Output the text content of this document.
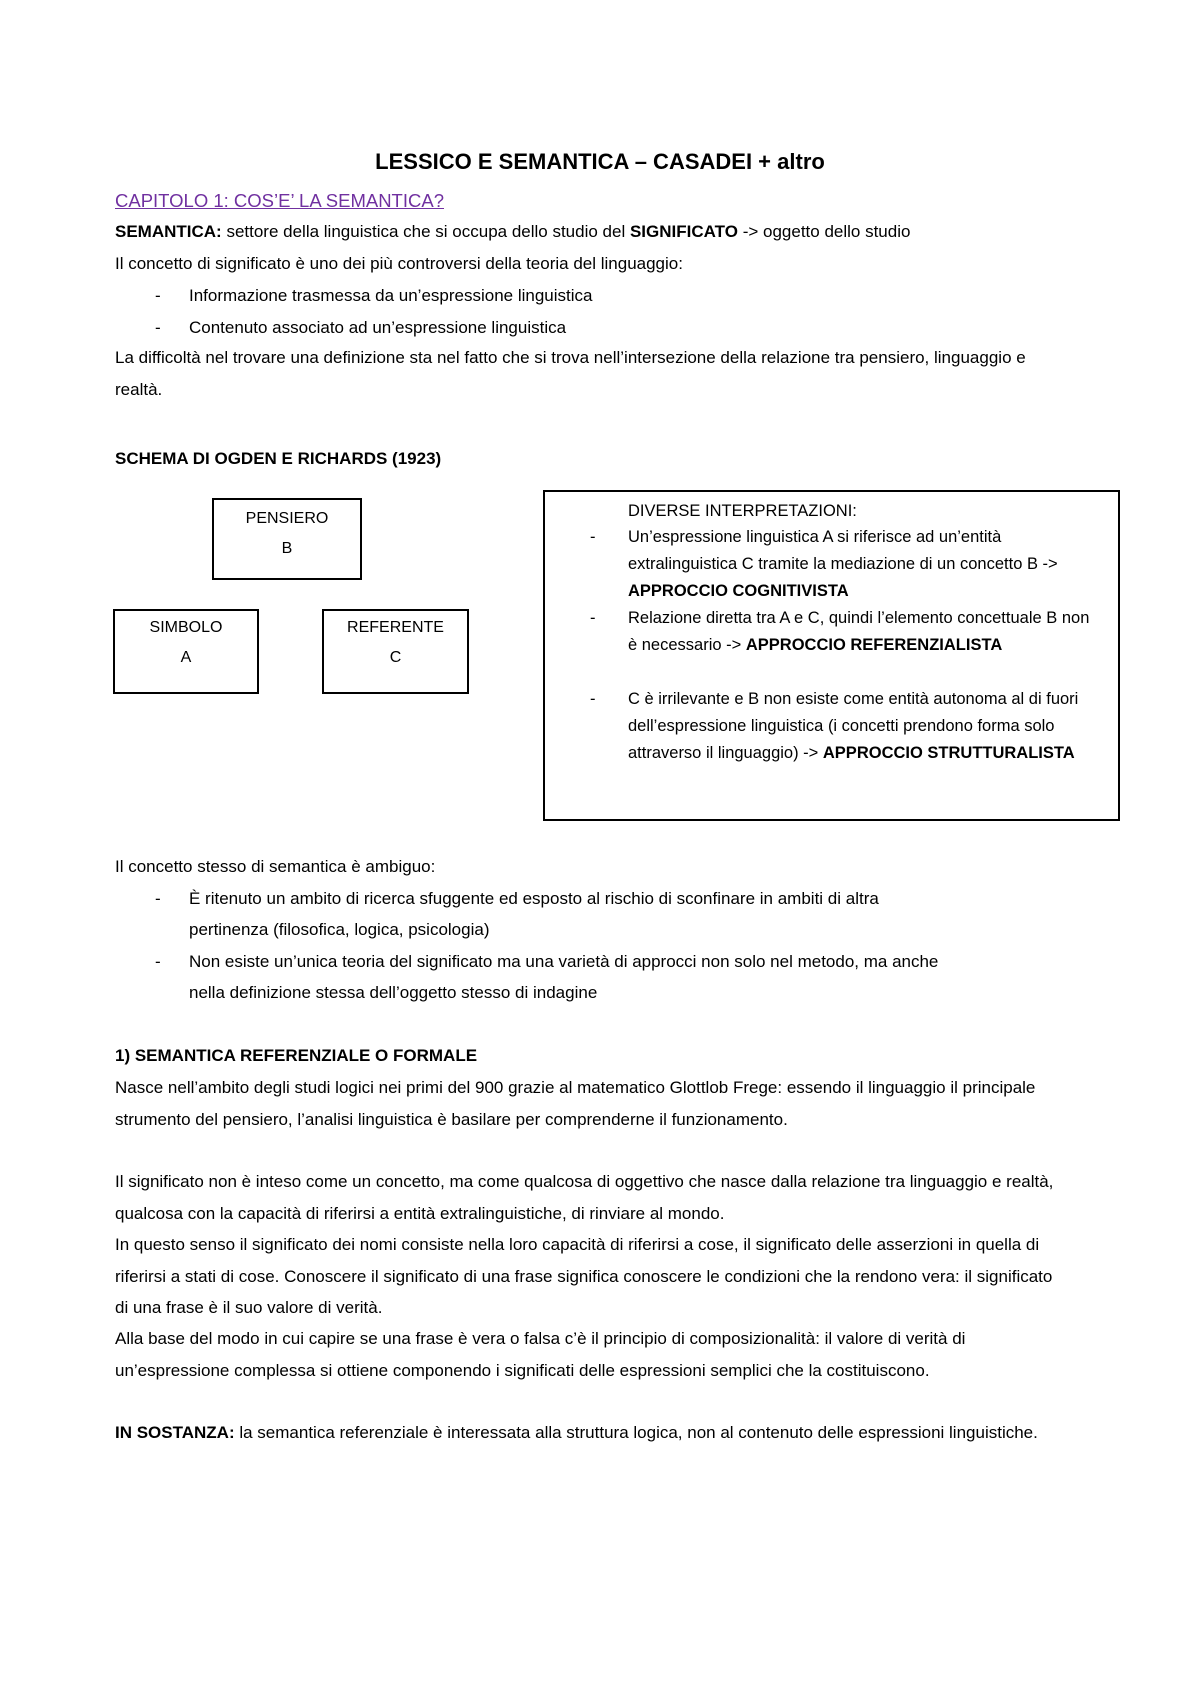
LESSICO E SEMANTICA – CASADEI + altro
CAPITOLO 1: COS’E’ LA SEMANTICA?
SEMANTICA: settore della linguistica che si occupa dello studio del SIGNIFICATO -> oggetto dello studio
Il concetto di significato è uno dei più controversi della teoria del linguaggio:
- Informazione trasmessa da un’espressione linguistica
- Contenuto associato ad un’espressione linguistica
La difficoltà nel trovare una definizione sta nel fatto che si trova nell’intersezione della relazione tra pensiero, linguaggio e realtà.
SCHEMA DI OGDEN E RICHARDS (1923)
PENSIERO
B
SIMBOLO
A
REFERENTE
C
DIVERSE INTERPRETAZIONI:
- Un’espressione linguistica A si riferisce ad un’entità extralinguistica C tramite la mediazione di un concetto B -> APPROCCIO COGNITIVISTA
- Relazione diretta tra A e C, quindi l’elemento concettuale B non è necessario -> APPROCCIO REFERENZIALISTA
- C è irrilevante e B non esiste come entità autonoma al di fuori dell’espressione linguistica (i concetti prendono forma solo attraverso il linguaggio) -> APPROCCIO STRUTTURALISTA
Il concetto stesso di semantica è ambiguo:
- È ritenuto un ambito di ricerca sfuggente ed esposto al rischio di sconfinare in ambiti di altra
pertinenza (filosofica, logica, psicologia)
- Non esiste un’unica teoria del significato ma una varietà di approcci non solo nel metodo, ma anche
nella definizione stessa dell’oggetto stesso di indagine
1) SEMANTICA REFERENZIALE O FORMALE
Nasce nell’ambito degli studi logici nei primi del 900 grazie al matematico Glottlob Frege: essendo il linguaggio il principale strumento del pensiero, l’analisi linguistica è basilare per comprenderne il funzionamento.
Il significato non è inteso come un concetto, ma come qualcosa di oggettivo che nasce dalla relazione tra linguaggio e realtà, qualcosa con la capacità di riferirsi a entità extralinguistiche, di rinviare al mondo.
In questo senso il significato dei nomi consiste nella loro capacità di riferirsi a cose, il significato delle asserzioni in quella di riferirsi a stati di cose. Conoscere il significato di una frase significa conoscere le condizioni che la rendono vera: il significato di una frase è il suo valore di verità.
Alla base del modo in cui capire se una frase è vera o falsa c’è il principio di composizionalità: il valore di verità di un’espressione complessa si ottiene componendo i significati delle espressioni semplici che la costituiscono.
IN SOSTANZA: la semantica referenziale è interessata alla struttura logica, non al contenuto delle espressioni linguistiche.
